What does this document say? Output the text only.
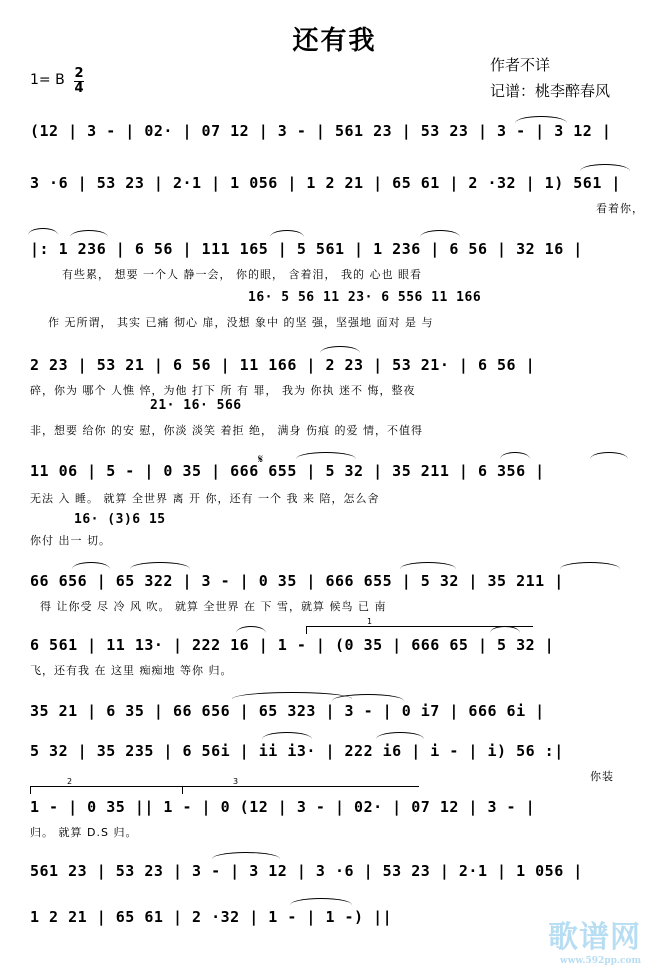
还有我
作者不详
记谱：桃李醉春风
1= B 2
4
(12 | 3 - | 02· | 07 12 | 3 - | 561 23 | 53 23 | 3 - | 3 12 |
3 ·6 | 53 23 | 2·1 | 1 056 | 1 2 21 | 65 61 | 2 ·32 | 1) 561 |
看着你，
|: 1 236 | 6 56 | 111 165 | 5 561 | 1 236 | 6 56 | 32 16 |
有些累， 想要 一个人 静一会， 你的眼， 含着泪， 我的 心也 眼看
16· 5 56 11 23· 6 556 11 166
作 无所谓， 其实 已痛 彻心 扉，没想 象中 的坚 强，坚强地 面对 是 与
2 23 | 53 21 | 6 56 | 11 166 | 2 23 | 53 21· | 6 56 |
碎，你为 哪个 人憔 悴，为他 打下 所 有 罪， 我为 你执 迷不 悔，整夜
21· 16· 566
非，想要 给你 的安 慰，你淡 淡笑 着拒 绝， 满身 伤痕 的爱 情，不值得
11 06 | 5 - | 0 35 | 666 655 | 5 32 | 35 211 | 6 356 |
𝄋
无法 入 睡。 就算 全世界 离 开 你，还有 一个 我 来 陪，怎么舍
16· (3)6 15
你付 出一 切。
66 656 | 65 322 | 3 - | 0 35 | 666 655 | 5 32 | 35 211 |
得 让你受 尽 冷 风 吹。 就算 全世界 在 下 雪，就算 候鸟 已 南
1
6 561 | 11 13· | 222 16 | 1 - | (0 35 | 666 65 | 5 32 |
飞，还有我 在 这里 痴痴地 等你 归。
35 21 | 6 35 | 66 656 | 65 323 | 3 - | 0 i7 | 666 6i |
5 32 | 35 235 | 6 56i | ii i3· | 222 i6 | i - | i) 56 :|
你装
2	3
1 - | 0 35 || 1 - | 0 (12 | 3 - | 02· | 07 12 | 3 - |
归。 就算 D.S 归。
561 23 | 53 23 | 3 - | 3 12 | 3 ·6 | 53 23 | 2·1 | 1 056 |
1 2 21 | 65 61 | 2 ·32 | 1 - | 1 -) ||
歌谱网
www.592pp.com
